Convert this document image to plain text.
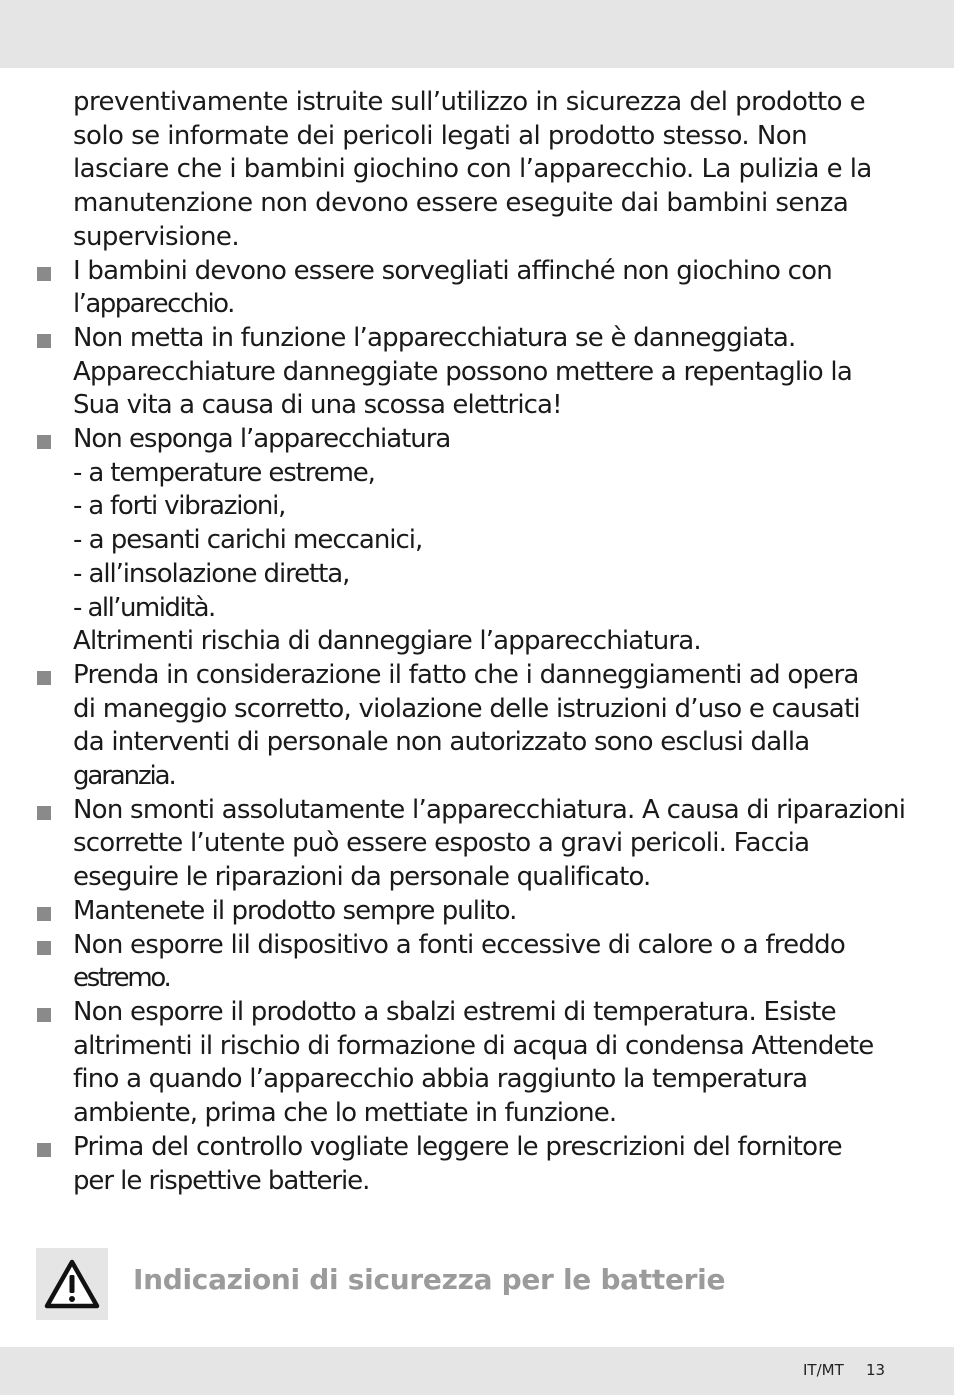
preventivamente istruite sull’utilizzo in sicurezza del prodotto e
solo se informate dei pericoli legati al prodotto stesso. Non
lasciare che i bambini giochino con l’apparecchio. La pulizia e la
manutenzione non devono essere eseguite dai bambini senza
supervisione.
I bambini devono essere sorvegliati affinché non giochino con
l’apparecchio.
Non metta in funzione l’apparecchiatura se è danneggiata.
Apparecchiature danneggiate possono mettere a repentaglio la
Sua vita a causa di una scossa elettrica!
Non esponga l’apparecchiatura
- a temperature estreme,
- a forti vibrazioni,
- a pesanti carichi meccanici,
- all’insolazione diretta,
- all’umidità.
Altrimenti rischia di danneggiare l’apparecchiatura.
Prenda in considerazione il fatto che i danneggiamenti ad opera
di maneggio scorretto, violazione delle istruzioni d’uso e causati
da interventi di personale non autorizzato sono esclusi dalla
garanzia.
Non smonti assolutamente l’apparecchiatura. A causa di riparazioni
scorrette l’utente può essere esposto a gravi pericoli. Faccia
eseguire le riparazioni da personale qualificato.
Mantenete il prodotto sempre pulito.
Non esporre lil dispositivo a fonti eccessive di calore o a freddo
estremo.
Non esporre il prodotto a sbalzi estremi di temperatura. Esiste
altrimenti il rischio di formazione di acqua di condensa Attendete
fino a quando l’apparecchio abbia raggiunto la temperatura
ambiente, prima che lo mettiate in funzione.
Prima del controllo vogliate leggere le prescrizioni del fornitore
per le rispettive batterie.
Indicazioni di sicurezza per le batterie
IT/MT 13
